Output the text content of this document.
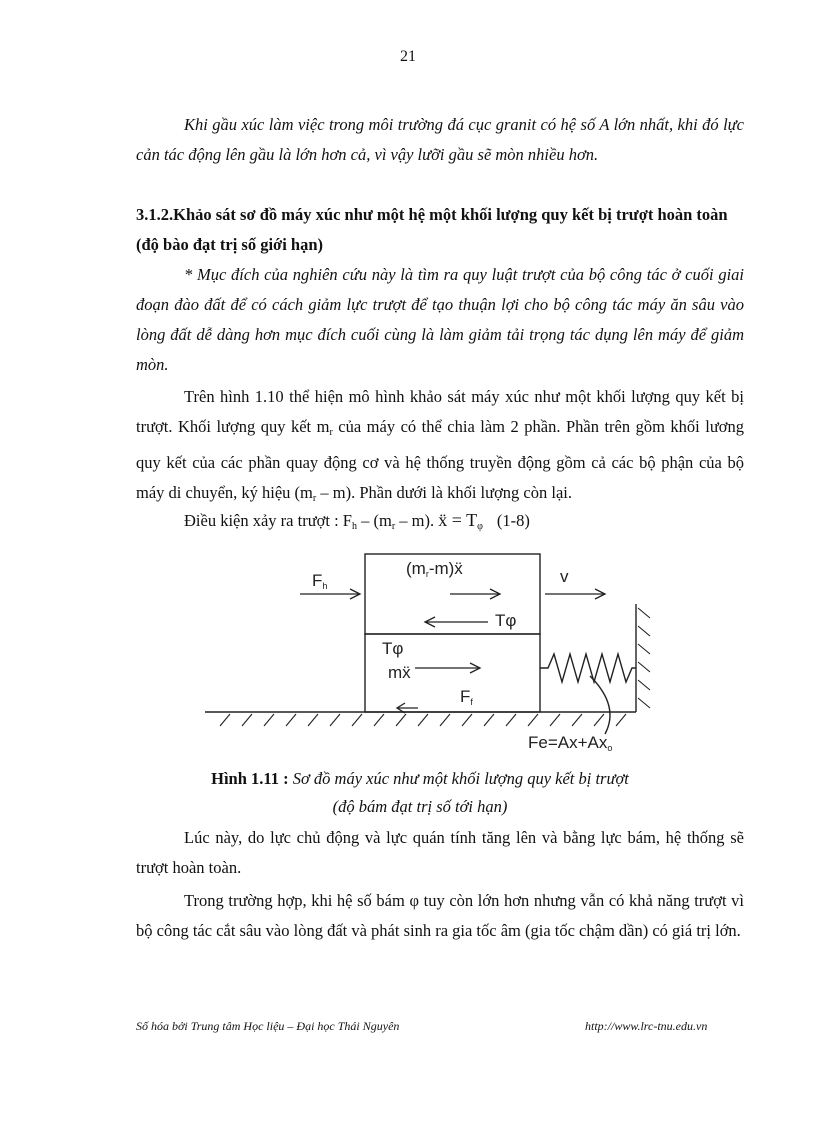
21

Khi gầu xúc làm việc trong môi trường đá cục granit có hệ số A lớn nhất, khi đó lực cản tác động lên gầu là lớn hơn cả, vì vậy lưỡi gầu sẽ mòn nhiều hơn.

3.1.2.Khảo sát sơ đồ máy xúc như một hệ một khối lượng quy kết bị trượt hoàn toàn (độ bào đạt trị số giới hạn)

* Mục đích của nghiên cứu này là tìm ra quy luật trượt của bộ công tác ở cuối giai đoạn đào đất để có cách giảm lực trượt để tạo thuận lợi cho bộ công tác máy ăn sâu vào lòng đất dễ dàng hơn mục đích cuối cùng là làm giảm tải trọng tác dụng lên máy để giảm mòn.

Trên hình 1.10 thể hiện mô hình khảo sát máy xúc như một khối lượng quy kết bị trượt. Khối lượng quy kết $m_r$ của máy có thể chia làm 2 phần. Phần trên gồm khối lương quy kết của các phần quay động cơ và hệ thống truyền động gồm cả các bộ phận của bộ máy di chuyển, ký hiệu $(m_r - m)$. Phần dưới là khối lượng còn lại.

Điều kiện xảy ra trượt : $F_h - (m_r - m)$. ẍ = $T_\varphi$ (1-8)

Fh
(mr-m)ẍ	v
Tφ
Tφ
mẍ
Ff
Fe=Ax+Axo
Hình 1.11 : Sơ đồ máy xúc như một khối lượng quy kết bị trượt
(độ bám đạt trị số tới hạn)

Lúc này, do lực chủ động và lực quán tính tăng lên và bằng lực bám, hệ thống sẽ trượt hoàn toàn.

Trong trường hợp, khi hệ số bám φ tuy còn lớn hơn nhưng vẫn có khả năng trượt vì bộ công tác cắt sâu vào lòng đất và phát sinh ra gia tốc âm (gia tốc chậm dần) có giá trị lớn.

Số hóa bởi Trung tâm Học liệu – Đại học Thái Nguyên	http://www.lrc-tnu.edu.vn
